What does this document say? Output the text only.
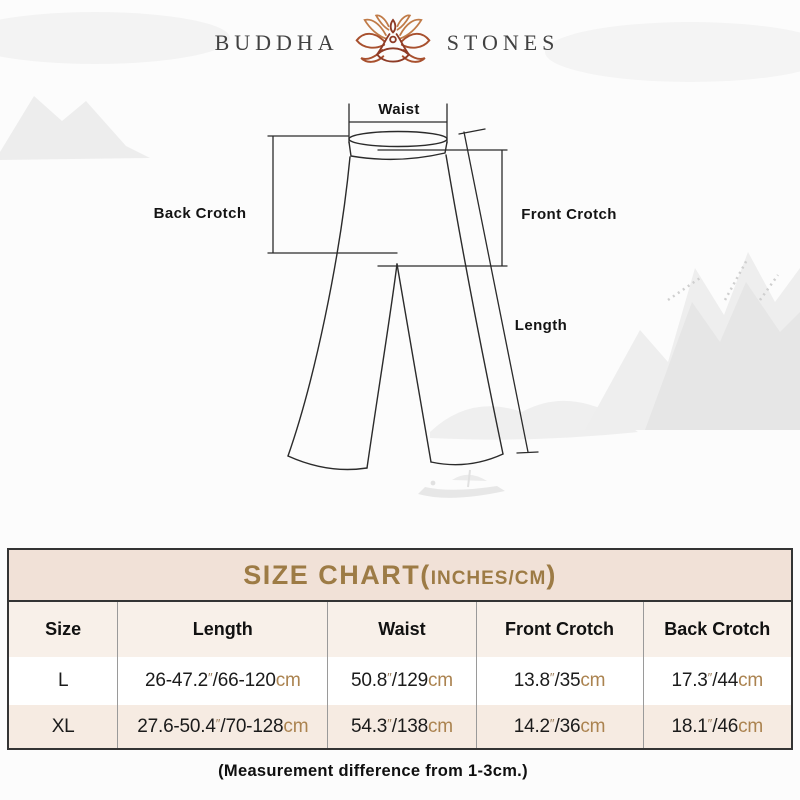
Waist
Back Crotch	Front Crotch
Length
BUDDHA	STONES
SIZE CHART(INCHES/CM)				
Size	Length	Waist	Front Crotch	Back Crotch
L	26-47.2″/66-120cm	50.8″/129cm	13.8″/35cm	17.3″/44cm
XL	27.6-50.4″/70-128cm	54.3″/138cm	14.2″/36cm	18.1″/46cm
(Measurement difference from 1-3cm.)
